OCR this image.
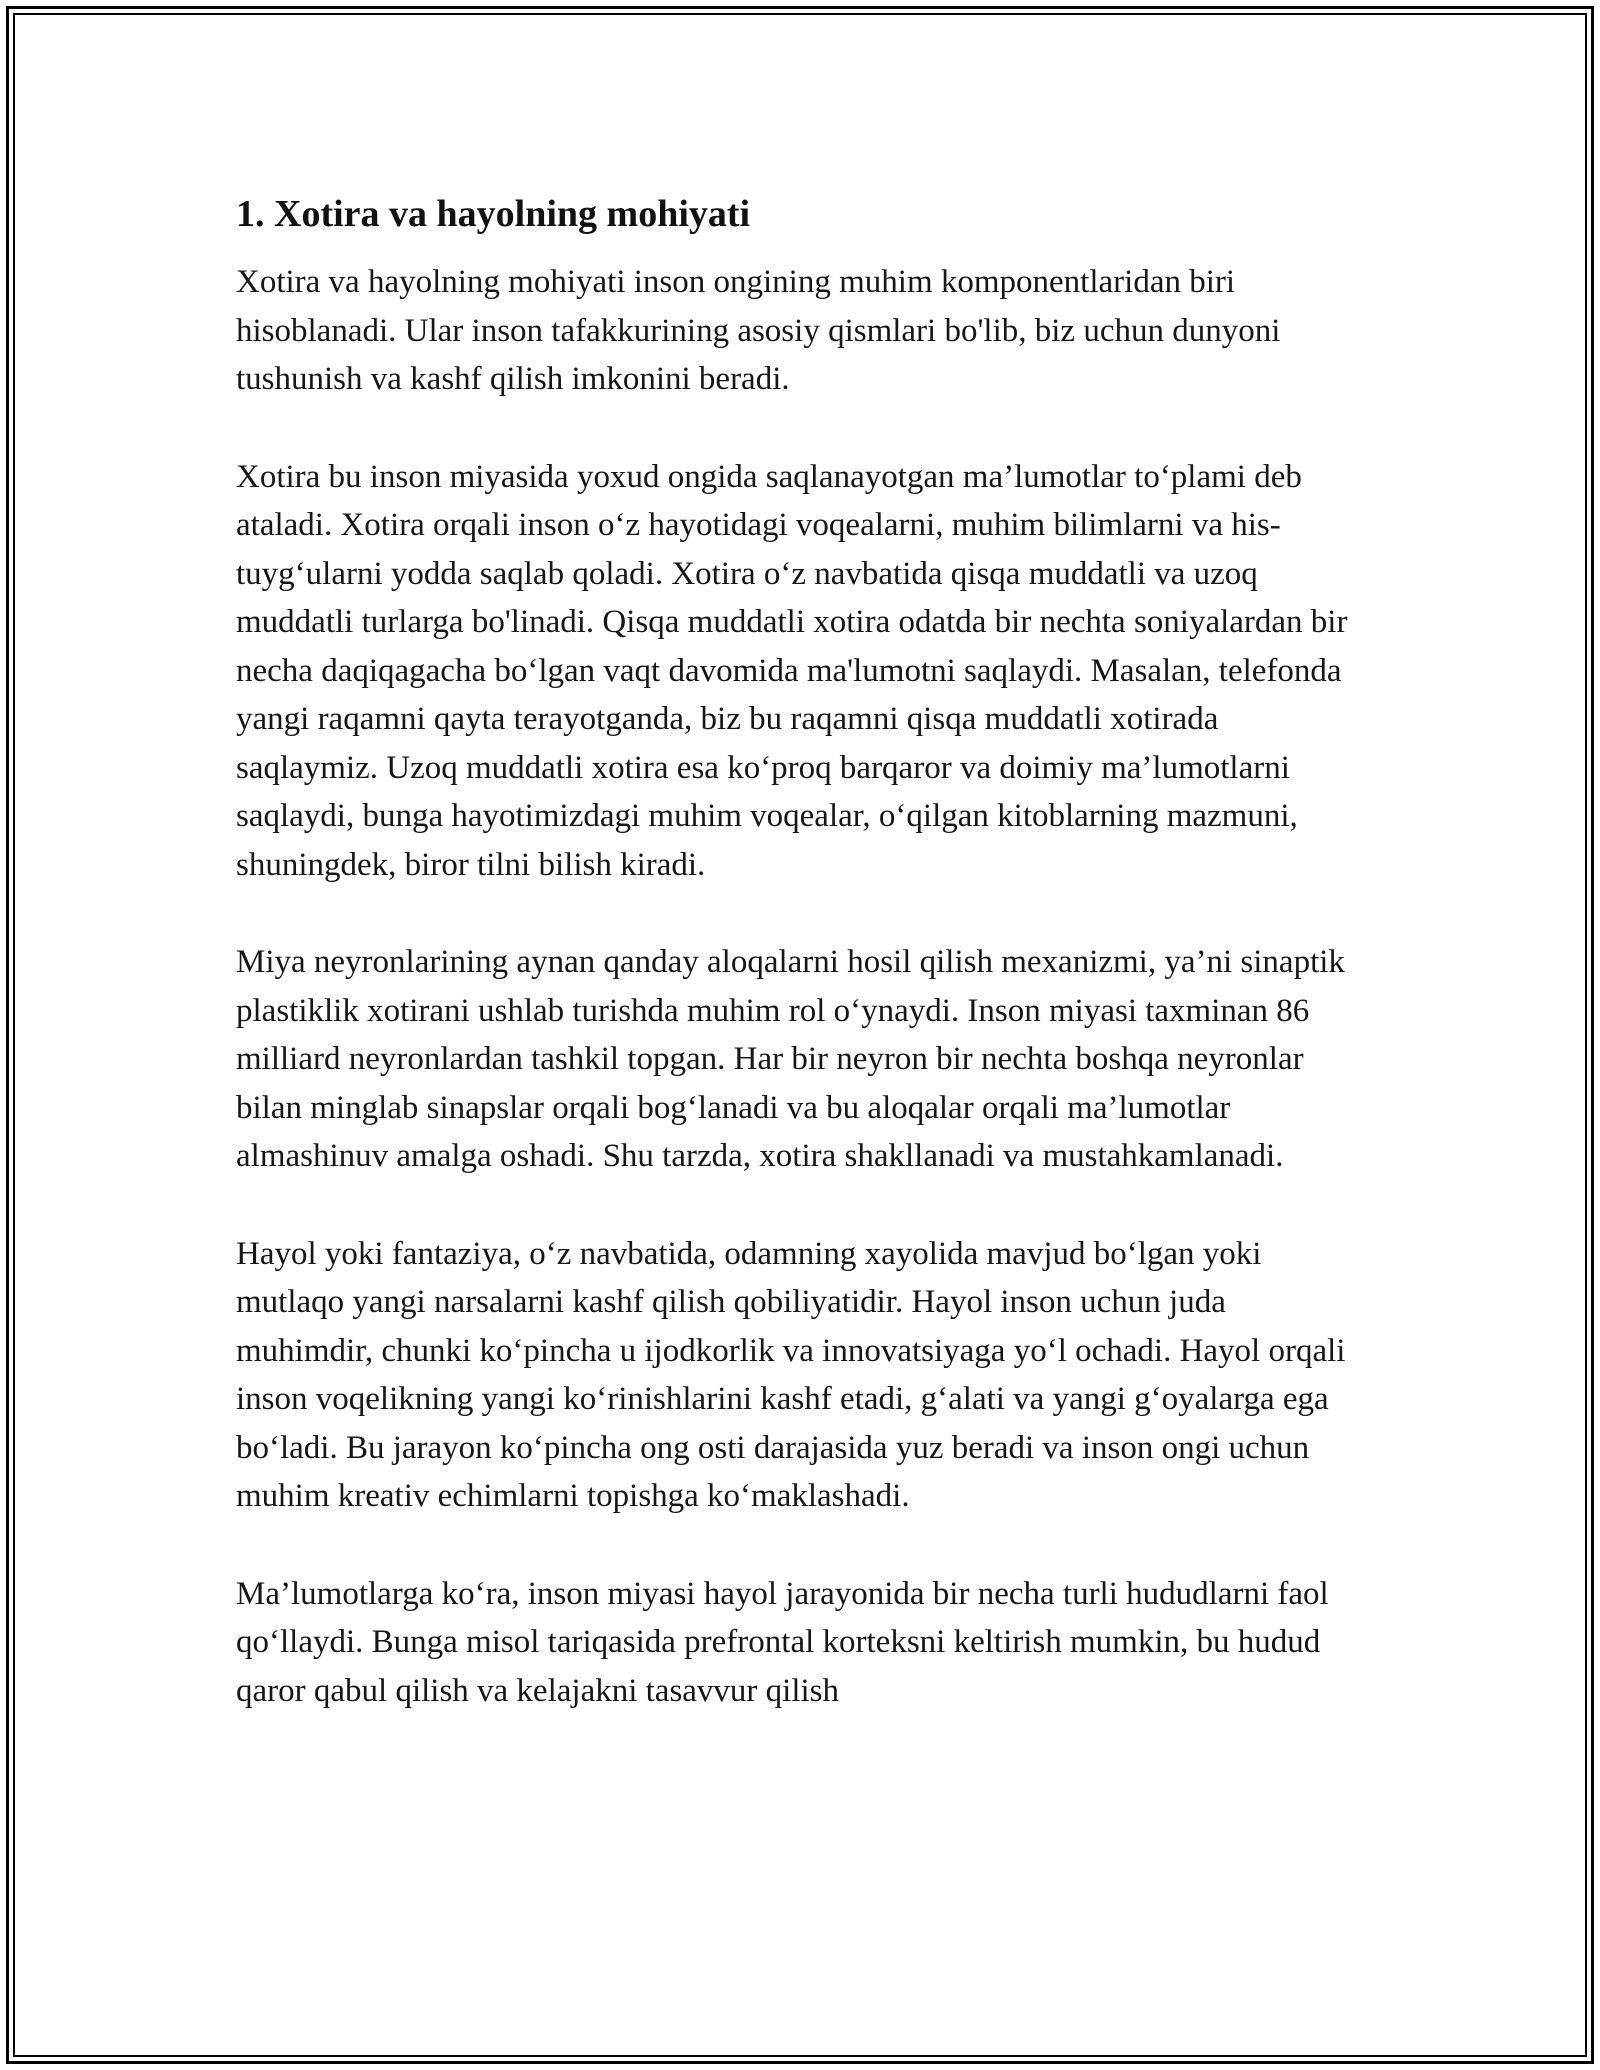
1. Xotira va hayolning mohiyati

Xotira va hayolning mohiyati inson ongining muhim komponentlaridan biri hisoblanadi. Ular inson tafakkurining asosiy qismlari bo'lib, biz uchun dunyoni tushunish va kashf qilish imkonini beradi.

Xotira bu inson miyasida yoxud ongida saqlanayotgan ma’lumotlar to‘plami deb ataladi. Xotira orqali inson o‘z hayotidagi voqealarni, muhim bilimlarni va his-tuyg‘ularni yodda saqlab qoladi. Xotira o‘z navbatida qisqa muddatli va uzoq muddatli turlarga bo'linadi. Qisqa muddatli xotira odatda bir nechta soniyalardan bir necha daqiqagacha bo‘lgan vaqt davomida ma'lumotni saqlaydi. Masalan, telefonda yangi raqamni qayta terayotganda, biz bu raqamni qisqa muddatli xotirada saqlaymiz. Uzoq muddatli xotira esa ko‘proq barqaror va doimiy ma’lumotlarni saqlaydi, bunga hayotimizdagi muhim voqealar, o‘qilgan kitoblarning mazmuni, shuningdek, biror tilni bilish kiradi.

Miya neyronlarining aynan qanday aloqalarni hosil qilish mexanizmi, ya’ni sinaptik plastiklik xotirani ushlab turishda muhim rol o‘ynaydi. Inson miyasi taxminan 86 milliard neyronlardan tashkil topgan. Har bir neyron bir nechta boshqa neyronlar bilan minglab sinapslar orqali bog‘lanadi va bu aloqalar orqali ma’lumotlar almashinuv amalga oshadi. Shu tarzda, xotira shakllanadi va mustahkamlanadi.

Hayol yoki fantaziya, o‘z navbatida, odamning xayolida mavjud bo‘lgan yoki mutlaqo yangi narsalarni kashf qilish qobiliyatidir. Hayol inson uchun juda muhimdir, chunki ko‘pincha u ijodkorlik va innovatsiyaga yo‘l ochadi. Hayol orqali inson voqelikning yangi ko‘rinishlarini kashf etadi, g‘alati va yangi g‘oyalarga ega bo‘ladi. Bu jarayon ko‘pincha ong osti darajasida yuz beradi va inson ongi uchun muhim kreativ echimlarni topishga ko‘maklashadi.

Ma’lumotlarga ko‘ra, inson miyasi hayol jarayonida bir necha turli hududlarni faol qo‘llaydi. Bunga misol tariqasida prefrontal korteksni keltirish mumkin, bu hudud qaror qabul qilish va kelajakni tasavvur qilish
